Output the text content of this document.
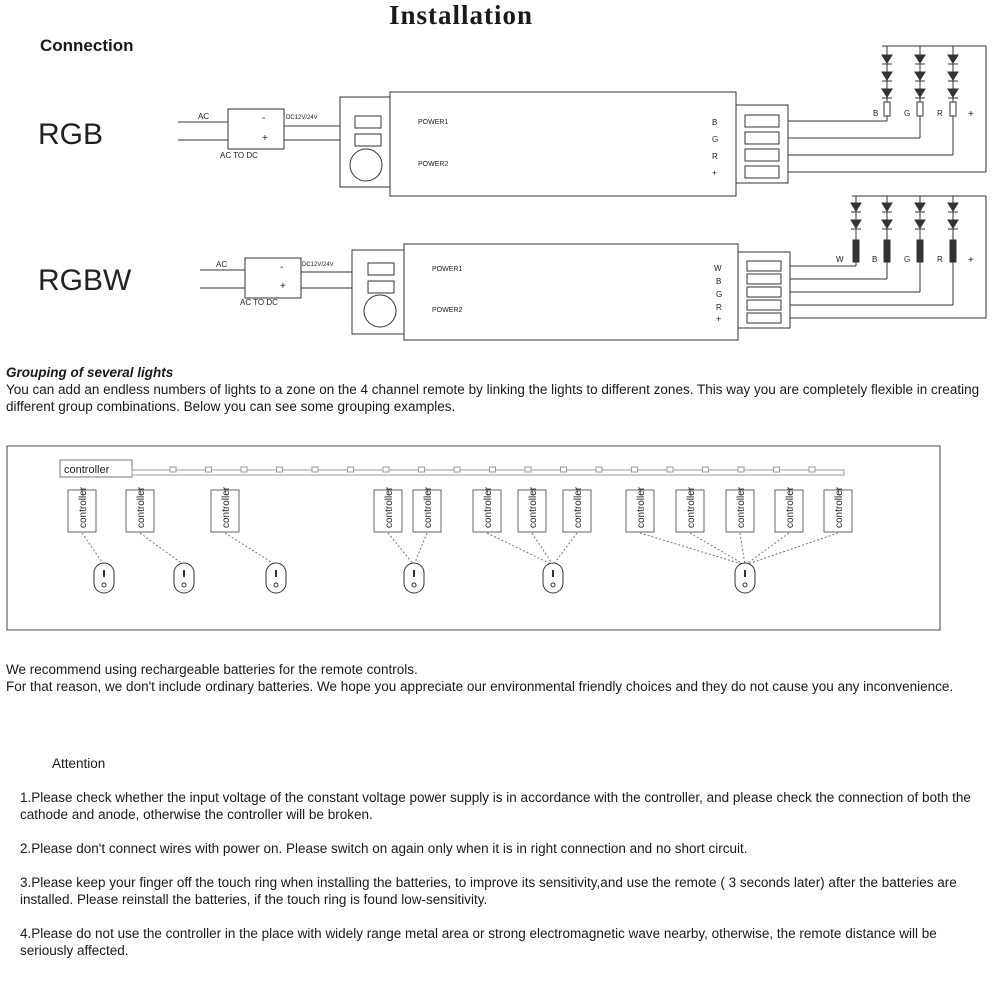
Installation
Connection
RGB
AC	-
+
AC TO DC
DC12V/24V
POWER1
POWER2
B
G
R
+
B	G	R	+
RGBW	AC	-
+
AC TO DC
DC12V/24V
POWER1
POWER2
W
B
G
R
+
W	B	G	R	+
Grouping of several lights
You can add an endless numbers of lights to a zone on the 4 channel remote by linking the lights to different zones. This way you are completely flexible in creating different group combinations. Below you can see some grouping examples.
controller
controller	controller	controller	controller	controller	controller	controller	controller	controller	controller	controller	controller	controller
We recommend using rechargeable batteries for the remote controls.
For that reason, we don't include ordinary batteries. We hope you appreciate our environmental friendly choices and they do not cause you any inconvenience.
Attention

1.Please check whether the input voltage of the constant voltage power supply is in accordance with the controller, and please check the connection of both the cathode and anode, otherwise the controller will be broken.

2.Please don't connect wires with power on. Please switch on again only when it is in right connection and no short circuit.

3.Please keep your finger off the touch ring when installing the batteries, to improve its sensitivity,and use the remote ( 3 seconds later) after the batteries are installed. Please reinstall the batteries, if the touch ring is found low-sensitivity.

4.Please do not use the controller in the place with widely range metal area or strong electromagnetic wave nearby, otherwise, the remote distance will be seriously affected.
